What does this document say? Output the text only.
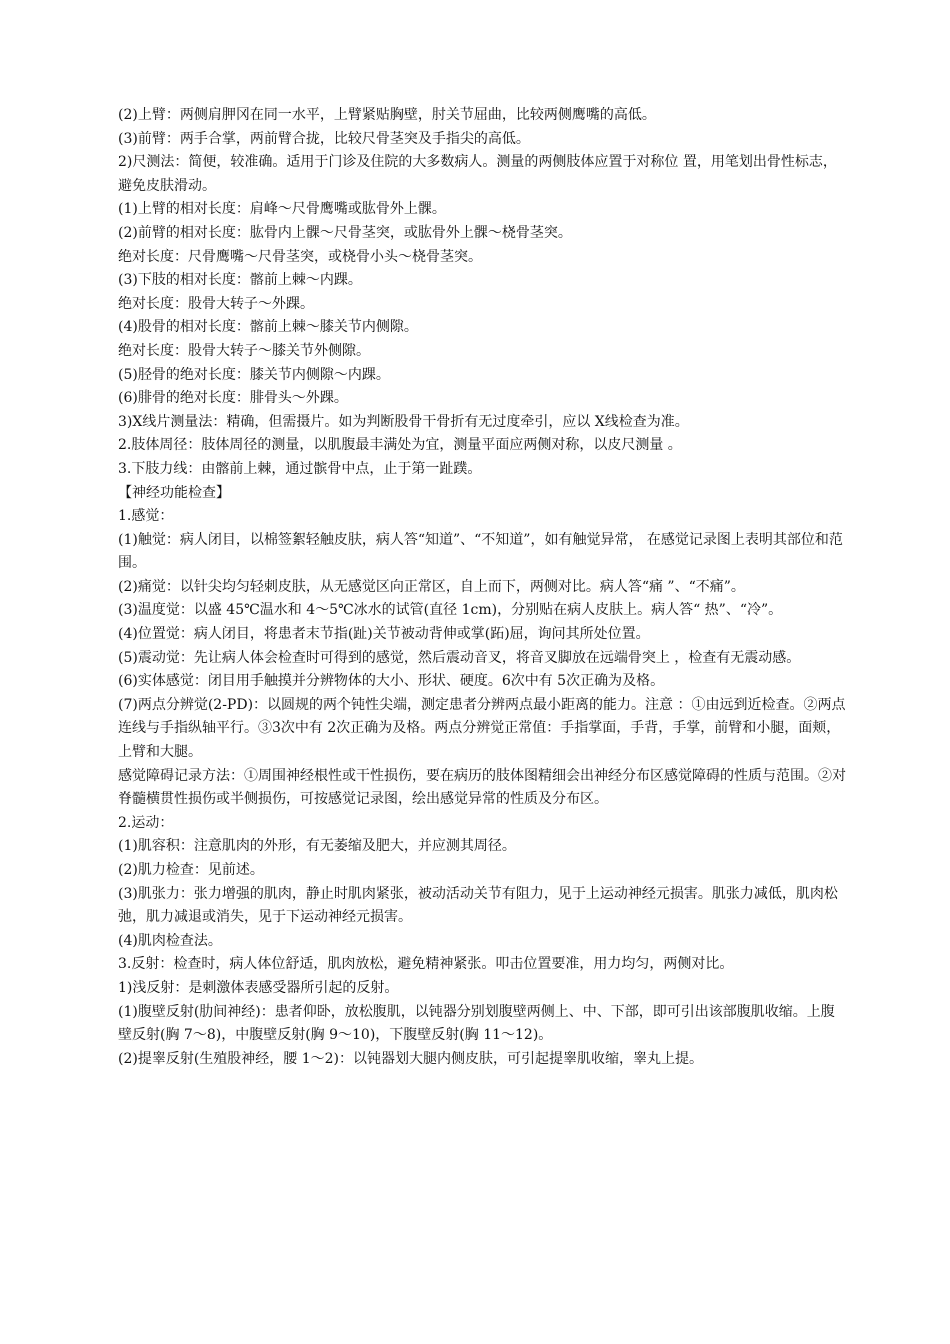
(2)上臂：两侧肩胛冈在同一水平，上臂紧贴胸壁，肘关节屈曲，比较两侧鹰嘴的高低。

(3)前臂：两手合掌，两前臂合拢，比较尺骨茎突及手指尖的高低。

2)尺测法：简便，较准确。适用于门诊及住院的大多数病人。测量的两侧肢体应置于对称位 置，用笔划出骨性标志，避免皮肤滑动。

(1)上臂的相对长度：肩峰～尺骨鹰嘴或肱骨外上髁。

(2)前臂的相对长度：肱骨内上髁～尺骨茎突，或肱骨外上髁～桡骨茎突。

绝对长度：尺骨鹰嘴～尺骨茎突，或桡骨小头～桡骨茎突。

(3)下肢的相对长度：髂前上棘～内踝。

绝对长度：股骨大转子～外踝。

(4)股骨的相对长度：髂前上棘～膝关节内侧隙。

绝对长度：股骨大转子～膝关节外侧隙。

(5)胫骨的绝对长度：膝关节内侧隙～内踝。

(6)腓骨的绝对长度：腓骨头～外踝。

3)X线片测量法：精确，但需摄片。如为判断股骨干骨折有无过度牵引，应以 X线检查为准。

2.肢体周径：肢体周径的测量，以肌腹最丰满处为宜，测量平面应两侧对称，以皮尺测量 。

3.下肢力线：由髂前上棘，通过髌骨中点，止于第一趾蹼。

【神经功能检查】

1.感觉：

(1)触觉：病人闭目，以棉签絮轻触皮肤，病人答“知道”、“不知道”，如有触觉异常， 在感觉记录图上表明其部位和范围。

(2)痛觉：以针尖均匀轻刺皮肤，从无感觉区向正常区，自上而下，两侧对比。病人答“痛 ”、“不痛”。

(3)温度觉：以盛 45℃温水和 4～5℃冰水的试管(直径 1cm)，分别贴在病人皮肤上。病人答“ 热”、“冷”。

(4)位置觉：病人闭目，将患者末节指(趾)关节被动背伸或掌(跖)屈，询问其所处位置。

(5)震动觉：先让病人体会检查时可得到的感觉，然后震动音叉，将音叉脚放在远端骨突上 ，检查有无震动感。

(6)实体感觉：闭目用手触摸并分辨物体的大小、形状、硬度。6次中有 5次正确为及格。

(7)两点分辨觉(2-PD)：以圆规的两个钝性尖端，测定患者分辨两点最小距离的能力。注意 ：①由远到近检查。②两点连线与手指纵轴平行。③3次中有 2次正确为及格。两点分辨觉正常值：手指掌面，手背，手掌，前臂和小腿，面颊，上臂和大腿。

感觉障碍记录方法：①周围神经根性或干性损伤，要在病历的肢体图精细会出神经分布区感觉障碍的性质与范围。②对脊髓横贯性损伤或半侧损伤，可按感觉记录图，绘出感觉异常的性质及分布区。

2.运动：

(1)肌容积：注意肌肉的外形，有无萎缩及肥大，并应测其周径。

(2)肌力检查：见前述。

(3)肌张力：张力增强的肌肉，静止时肌肉紧张，被动活动关节有阻力，见于上运动神经元损害。肌张力减低，肌肉松弛，肌力减退或消失，见于下运动神经元损害。

(4)肌肉检查法。

3.反射：检查时，病人体位舒适，肌肉放松，避免精神紧张。叩击位置要准，用力均匀，两侧对比。

1)浅反射：是刺激体表感受器所引起的反射。

(1)腹壁反射(肋间神经)：患者仰卧，放松腹肌，以钝器分别划腹壁两侧上、中、下部，即可引出该部腹肌收缩。上腹壁反射(胸 7～8)，中腹壁反射(胸 9～10)，下腹壁反射(胸 11～12)。

(2)提睾反射(生殖股神经，腰 1～2)：以钝器划大腿内侧皮肤，可引起提睾肌收缩，睾丸上提。
